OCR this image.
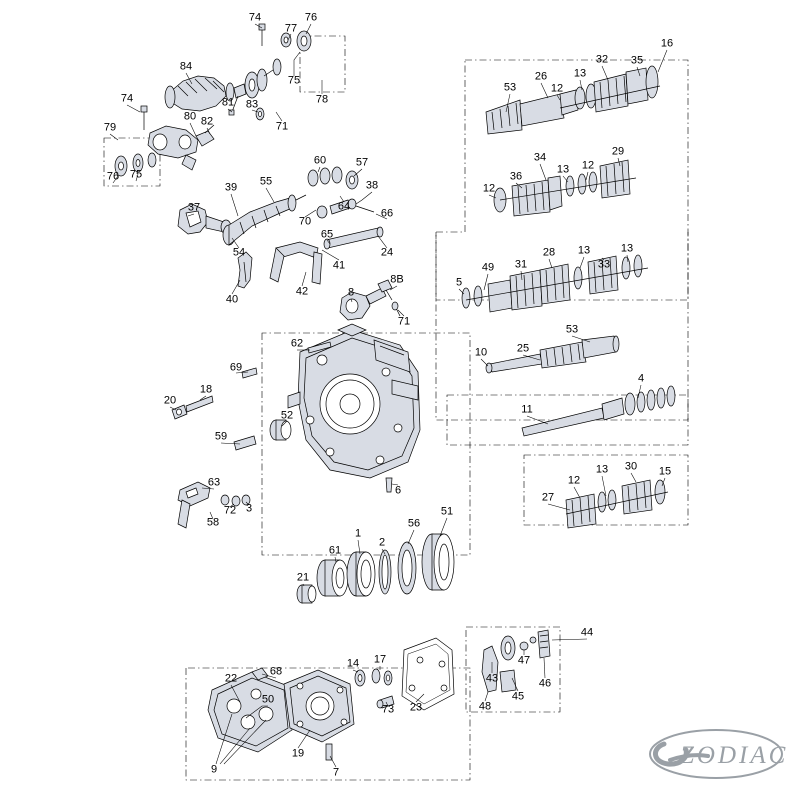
74	76
77
16
84	35
32
75
13
26
78
12
53
74	81 83
80 82
79	71
29
34
57
60	12
13
76 75	36
55	38
39	12
64
37
70
66
65
24
54	13
33
13
28
31
41	49
42
40
8B
8
5
53
71
25
62
10
69
4
18
20
11
52
59
15
30
13
12
63
27
6
3
72	51
58	56
1
2
61
21
44
17
14
68
47
22	43	46
45
50
23	48
73
19
9	7
ZODIAC
